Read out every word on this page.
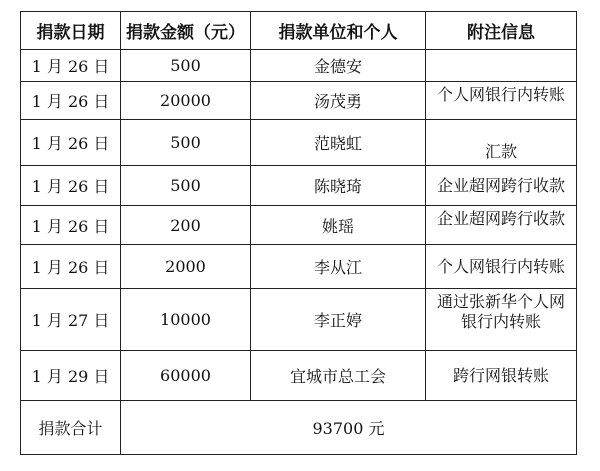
捐款日期	捐款金额（元）	捐款单位和个人	附注信息
1 月 26 日	500	金德安	
1 月 26 日	20000	汤茂勇	个人网银行内转账
1 月 26 日	500	范晓虹	汇款
1 月 26 日	500	陈晓琦	企业超网跨行收款
1 月 26 日	200	姚瑶	企业超网跨行收款
1 月 26 日	2000	李从江	个人网银行内转账
1 月 27 日	10000	李正婷	通过张新华个人网银行内转账
1 月 29 日	60000	宜城市总工会	跨行网银转账
捐款合计	93700 元		
